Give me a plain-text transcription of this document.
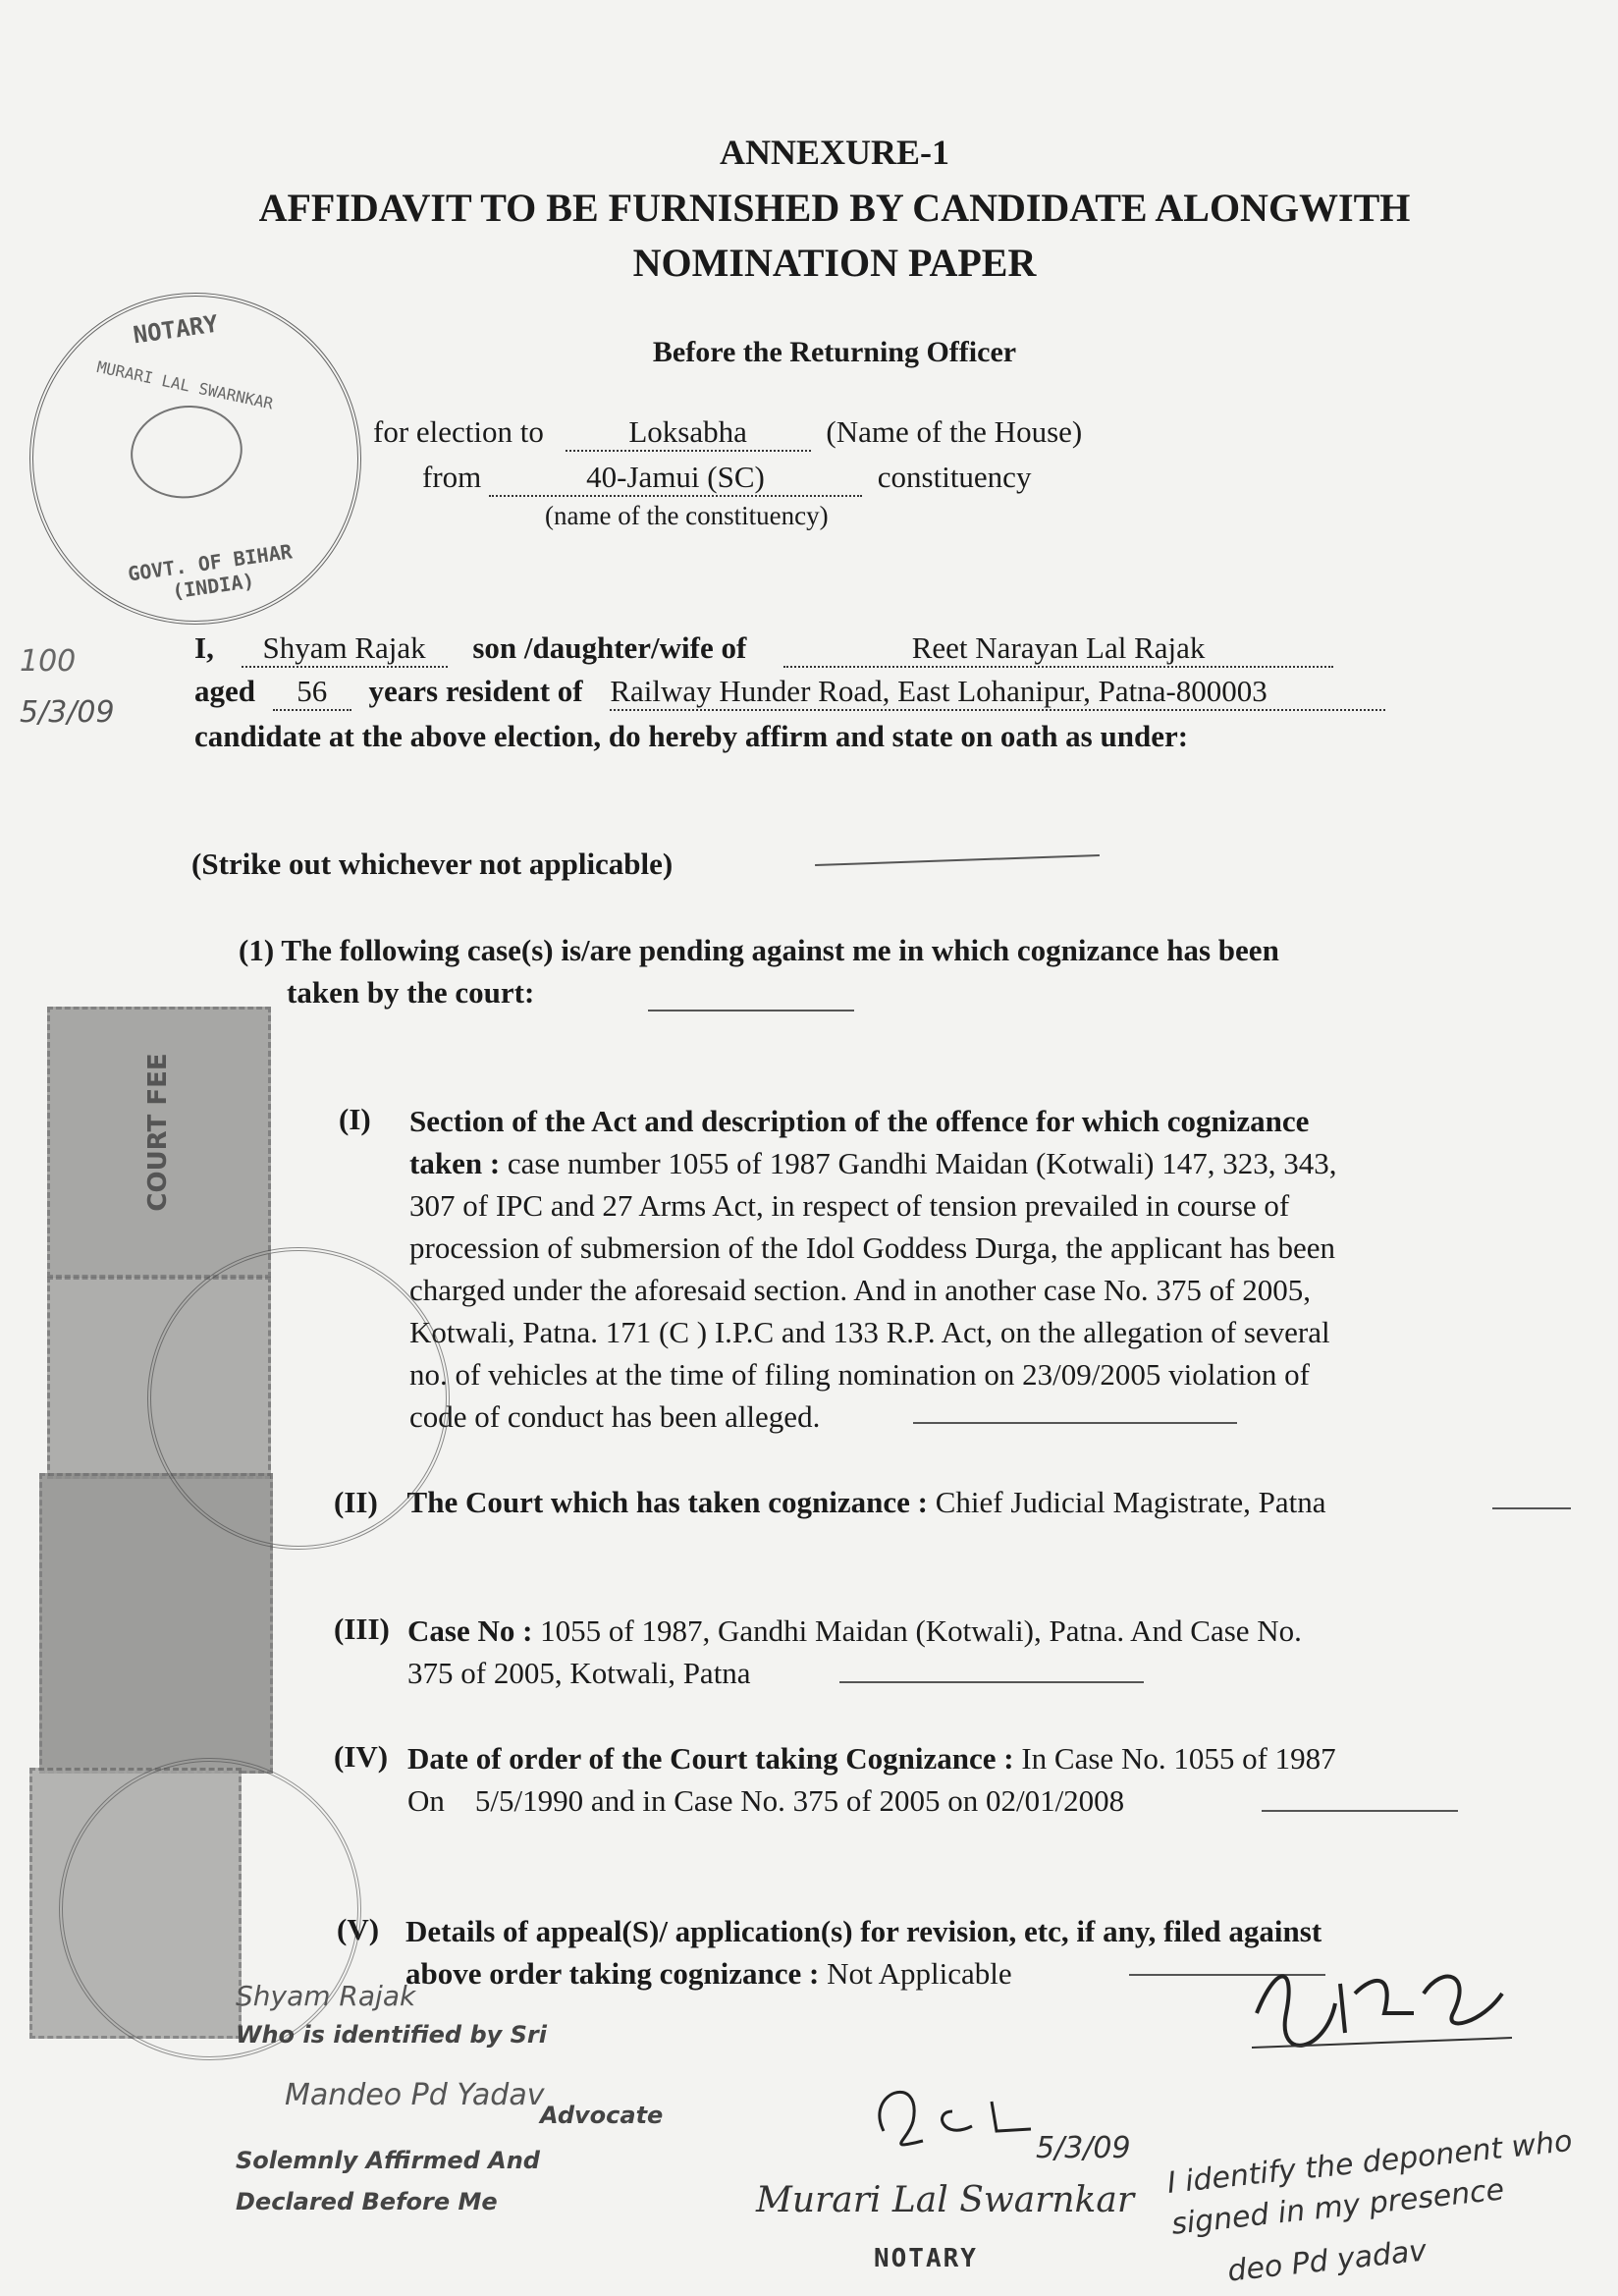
ANNEXURE-1
AFFIDAVIT TO BE FURNISHED BY CANDIDATE ALONGWITH
NOMINATION PAPER
Before the Returning Officer
NOTARY
MURARI LAL SWARNKAR
GOVT. OF BIHAR (INDIA)
for election to	Loksabha	(Name of the House)
from	40-Jamui (SC)	constituency
(name of the constituency)
I, Shyam Rajak son /daughter/wife of	Reet Narayan Lal Rajak
aged 56 years resident of Railway Hunder Road, East Lohanipur, Patna-800003
candidate at the above election, do hereby affirm and state on oath as under:
100
5/3/09
(Strike out whichever not applicable)
(1) The following case(s) is/are pending against me in which cognizance has been
taken by the court:
(I) Section of the Act and description of the offence for which cognizance
taken : case number 1055 of 1987 Gandhi Maidan (Kotwali) 147, 323, 343,
307 of IPC and 27 Arms Act, in respect of tension prevailed in course of
procession of submersion of the Idol Goddess Durga, the applicant has been
charged under the aforesaid section. And in another case No. 375 of 2005,
Kotwali, Patna. 171 (C ) I.P.C and 133 R.P. Act, on the allegation of several
no. of vehicles at the time of filing nomination on 23/09/2005 violation of
code of conduct has been alleged.
(II) The Court which has taken cognizance : Chief Judicial Magistrate, Patna
(III) Case No : 1055 of 1987, Gandhi Maidan (Kotwali), Patna. And Case No.
375 of 2005, Kotwali, Patna
(IV) Date of order of the Court taking Cognizance : In Case No. 1055 of 1987
On    5/5/1990 and in Case No. 375 of 2005 on 02/01/2008
(V) Details of appeal(S)/ application(s) for revision, etc, if any, filed against
above order taking cognizance : Not Applicable
COURT FEE
Shyam Rajak
Who is identified by Sri
Mandeo Pd Yadav
Advocate
Solemnly Affirmed And
Declared Before Me
5/3/09
Murari Lal Swarnkar
NOTARY
I identify the deponent who signed in my presence
deo Pd yadav
